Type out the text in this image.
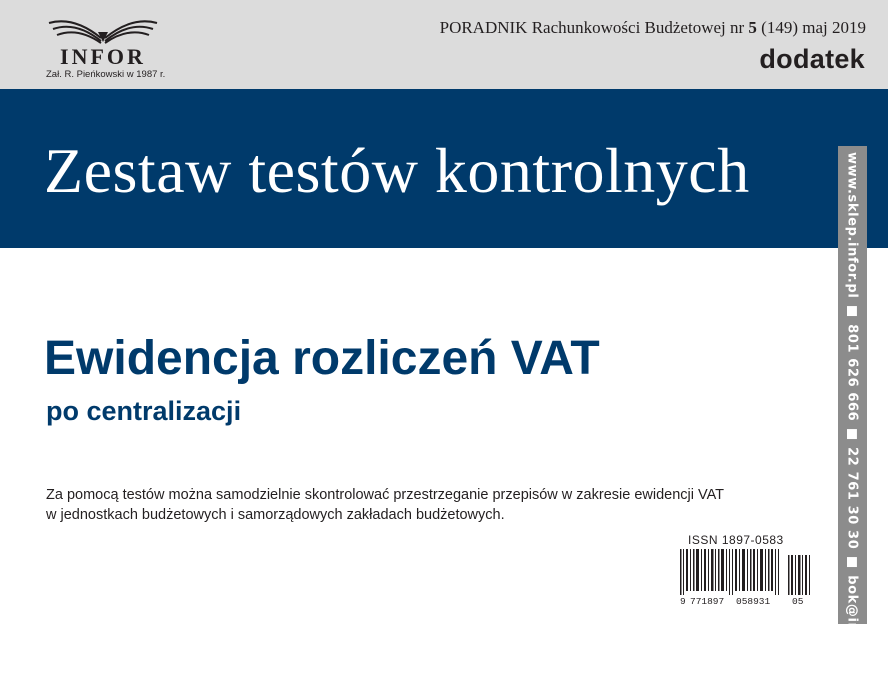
INFOR
Zał. R. Pieńkowski w 1987 r.
PORADNIK Rachunkowości Budżetowej nr 5 (149) maj 2019
dodatek
Zestaw testów kontrolnych	www.sklep.infor.pl ■ 801 626 666 ■ 22 761 30 30 ■ bok@infor.pl
Ewidencja rozliczeń VAT
po centralizacji

Za pomocą testów można samodzielnie skontrolować przestrzeganie przepisów w zakresie ewidencji VAT

w jednostkach budżetowych i samorządowych zakładach budżetowych.

ISSN 1897-0583
9 771897 058931 05
